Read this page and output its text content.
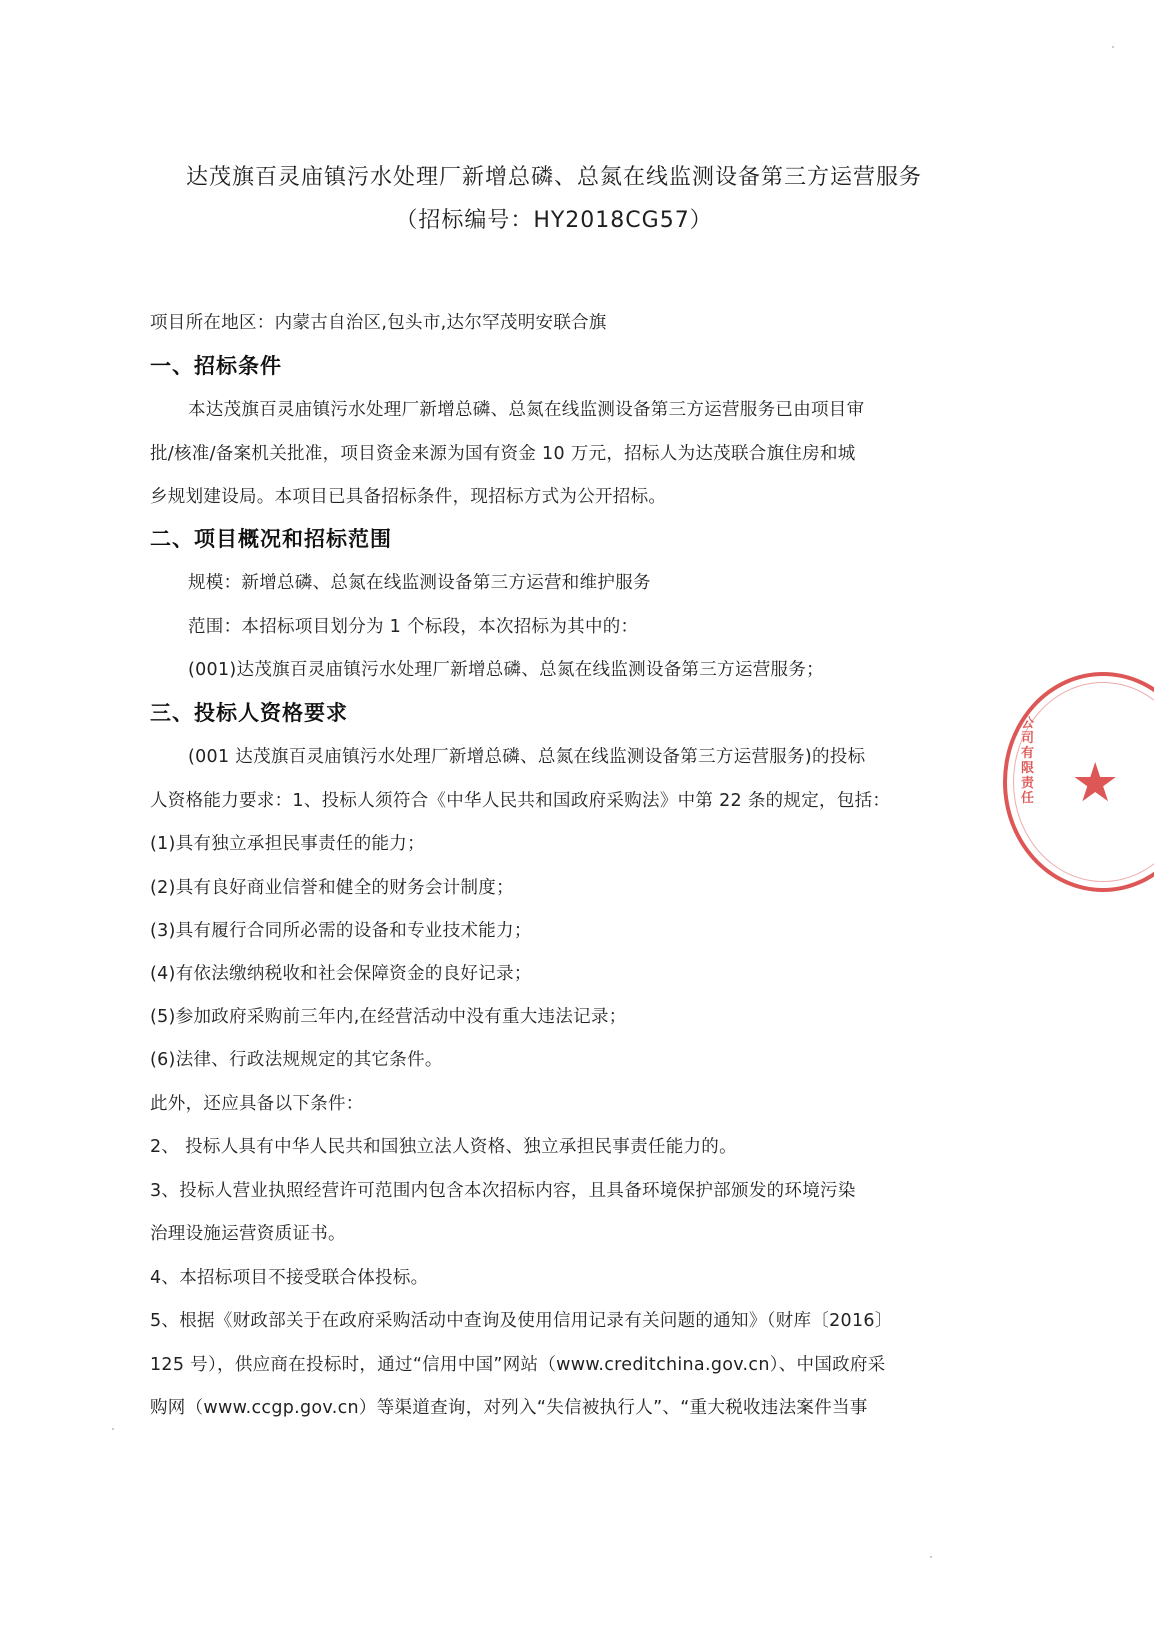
达茂旗百灵庙镇污水处理厂新增总磷、总氮在线监测设备第三方运营服务
（招标编号：HY2018CG57）
项目所在地区：内蒙古自治区,包头市,达尔罕茂明安联合旗
一、招标条件
本达茂旗百灵庙镇污水处理厂新增总磷、总氮在线监测设备第三方运营服务已由项目审
批/核准/备案机关批准，项目资金来源为国有资金 10 万元，招标人为达茂联合旗住房和城
乡规划建设局。本项目已具备招标条件，现招标方式为公开招标。
二、项目概况和招标范围
规模：新增总磷、总氮在线监测设备第三方运营和维护服务
范围：本招标项目划分为 1 个标段，本次招标为其中的：
(001)达茂旗百灵庙镇污水处理厂新增总磷、总氮在线监测设备第三方运营服务；
三、投标人资格要求
(001 达茂旗百灵庙镇污水处理厂新增总磷、总氮在线监测设备第三方运营服务)的投标
人资格能力要求：1、投标人须符合《中华人民共和国政府采购法》中第 22 条的规定，包括：
(1)具有独立承担民事责任的能力；
(2)具有良好商业信誉和健全的财务会计制度；
(3)具有履行合同所必需的设备和专业技术能力；
(4)有依法缴纳税收和社会保障资金的良好记录；
(5)参加政府采购前三年内,在经营活动中没有重大违法记录；
(6)法律、行政法规规定的其它条件。
此外，还应具备以下条件：
2、 投标人具有中华人民共和国独立法人资格、独立承担民事责任能力的。
3、投标人营业执照经营许可范围内包含本次招标内容，且具备环境保护部颁发的环境污染
治理设施运营资质证书。
4、本招标项目不接受联合体投标。
5、根据《财政部关于在政府采购活动中查询及使用信用记录有关问题的通知》（财库〔2016〕
125 号），供应商在投标时，通过“信用中国”网站（www.creditchina.gov.cn）、中国政府采
购网（www.ccgp.gov.cn）等渠道查询，对列入“失信被执行人”、“重大税收违法案件当事
公司有限责任 ★
